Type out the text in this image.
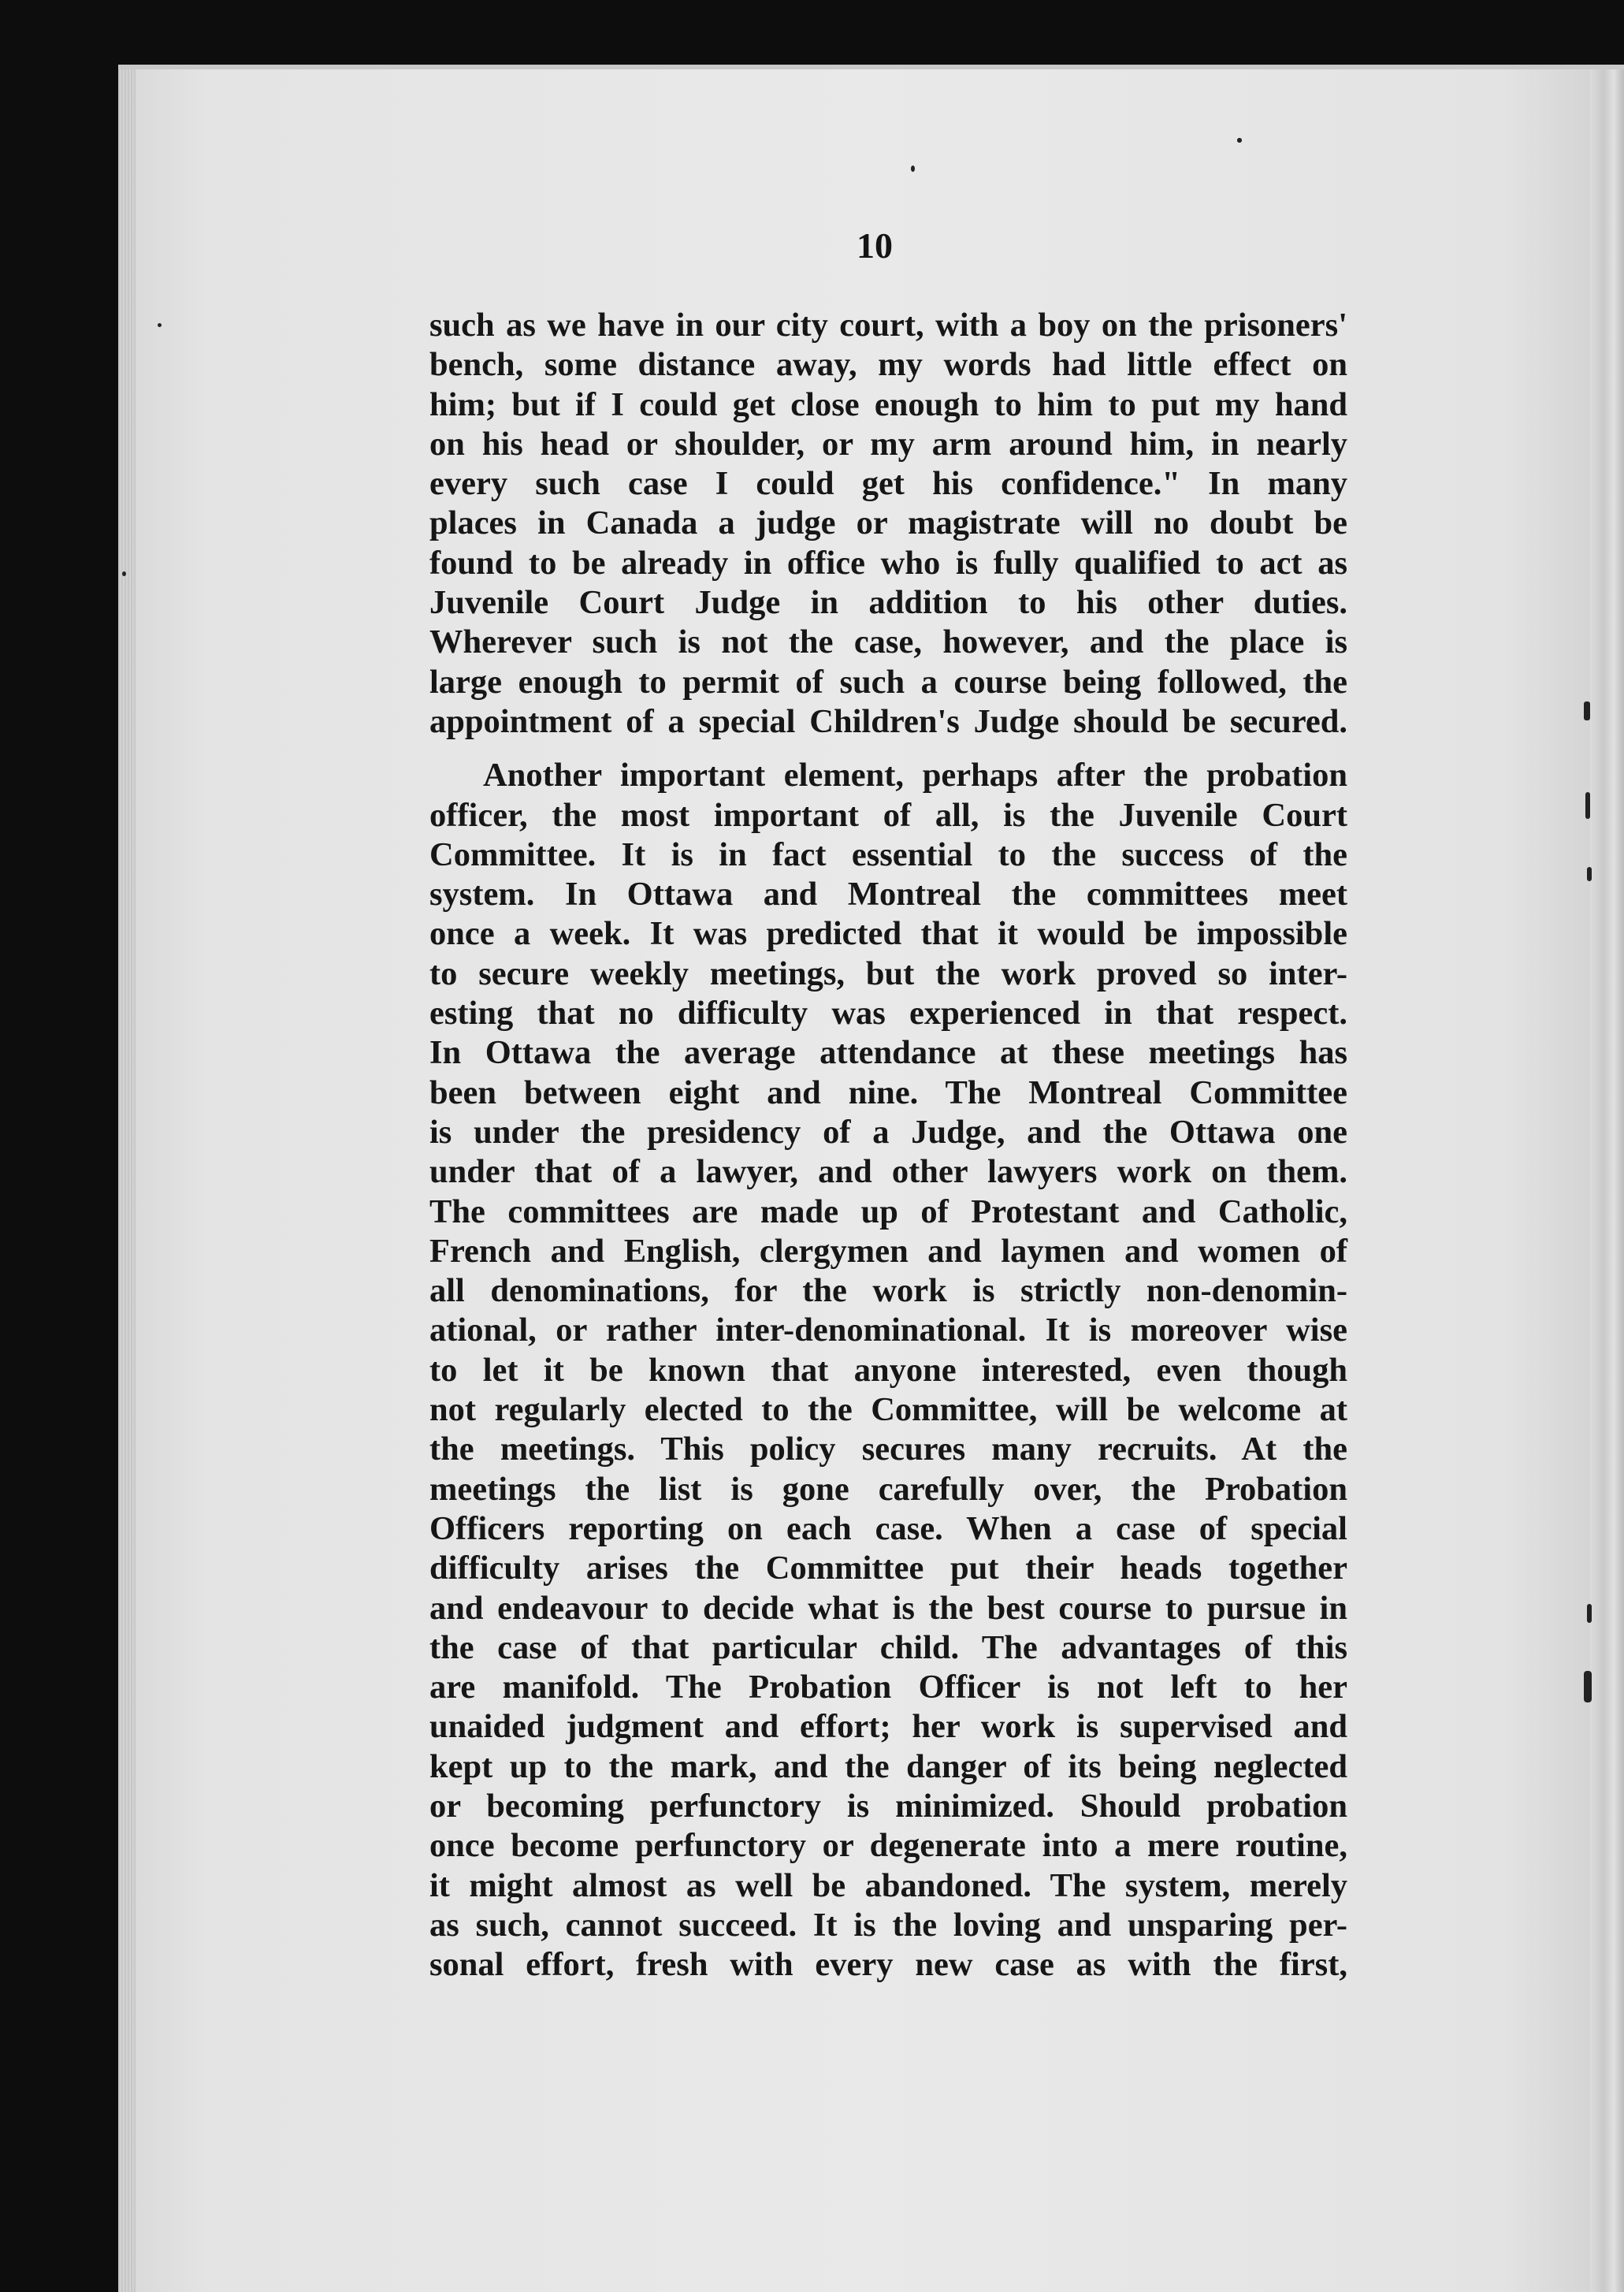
10
such as we have in our city court, with a boy on the prisoners'
bench, some distance away, my words had little effect on
him; but if I could get close enough to him to put my hand
on his head or shoulder, or my arm around him, in nearly
every such case I could get his confidence." In many
places in Canada a judge or magistrate will no doubt be
found to be already in office who is fully qualified to act as
Juvenile Court Judge in addition to his other duties.
Wherever such is not the case, however, and the place is
large enough to permit of such a course being followed, the
appointment of a special Children's Judge should be secured.
Another important element, perhaps after the probation
officer, the most important of all, is the Juvenile Court
Committee. It is in fact essential to the success of the
system. In Ottawa and Montreal the committees meet
once a week. It was predicted that it would be impossible
to secure weekly meetings, but the work proved so inter-
esting that no difficulty was experienced in that respect.
In Ottawa the average attendance at these meetings has
been between eight and nine. The Montreal Committee
is under the presidency of a Judge, and the Ottawa one
under that of a lawyer, and other lawyers work on them.
The committees are made up of Protestant and Catholic,
French and English, clergymen and laymen and women of
all denominations, for the work is strictly non-denomin-
ational, or rather inter-denominational. It is moreover wise
to let it be known that anyone interested, even though
not regularly elected to the Committee, will be welcome at
the meetings. This policy secures many recruits. At the
meetings the list is gone carefully over, the Probation
Officers reporting on each case. When a case of special
difficulty arises the Committee put their heads together
and endeavour to decide what is the best course to pursue in
the case of that particular child. The advantages of this
are manifold. The Probation Officer is not left to her
unaided judgment and effort; her work is supervised and
kept up to the mark, and the danger of its being neglected
or becoming perfunctory is minimized. Should probation
once become perfunctory or degenerate into a mere routine,
it might almost as well be abandoned. The system, merely
as such, cannot succeed. It is the loving and unsparing per-
sonal effort, fresh with every new case as with the first,
